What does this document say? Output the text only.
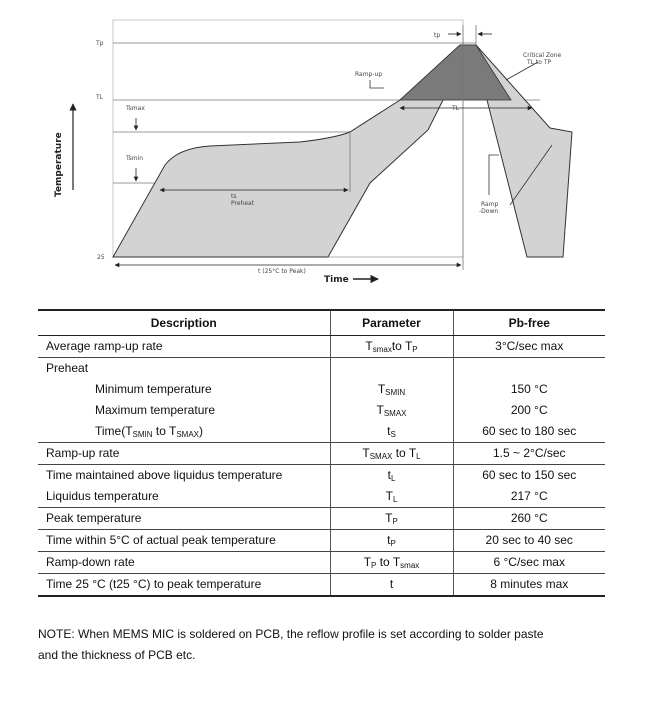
Tp
TL
Tsmax
Tsmin
25
tp
TL
Ramp-up
Critical Zone
TL to TP
ts
Preheat	Ramp
-Down
t (25°C to Peak)
Temperature
Time
Description	Parameter	Pb-free
Average ramp-up rate	$T_{smax}to$ $T_P$	3°C/sec max
Preheat		
Minimum temperature	$T_{SMIN}$	150 °C
Maximum temperature	$T_{SMAX}$	200 °C
$Time(T_{SMIN}$ to $T_{SMAX}$)	$t_S$	60 sec to 180 sec
Ramp-up rate	$T_{SMAX}$ to $T_L$	1.5 ~ 2°C/sec
Time maintained above liquidus temperature	$t_L$	60 sec to 150 sec
Liquidus temperature	$T_L$	217 °C
Peak temperature	$T_P$	260 °C
Time within 5°C of actual peak temperature	$t_P$	20 sec to 40 sec
Ramp-down rate	$T_P$ to $T_{smax}$	6 °C/sec max
Time 25 °C (t25 °C) to peak temperature	t	8 minutes max
NOTE: When MEMS MIC is soldered on PCB, the reflow profile is set according to solder paste
and the thickness of PCB etc.
